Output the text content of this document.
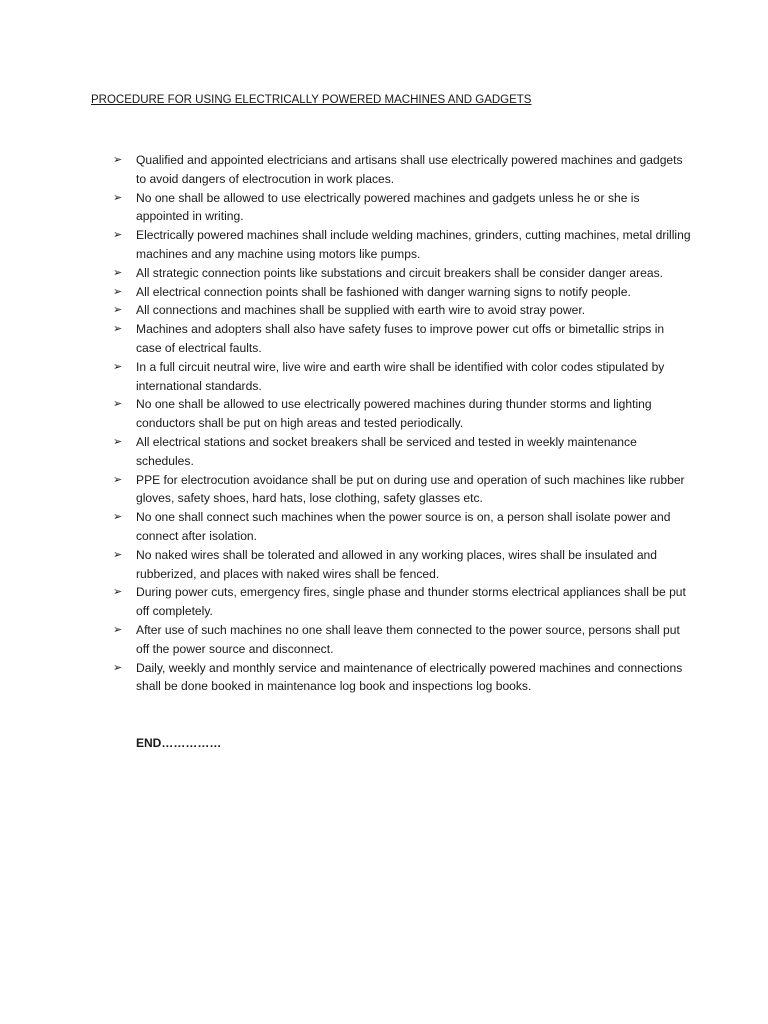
PROCEDURE FOR USING ELECTRICALLY POWERED MACHINES AND GADGETS
➢ Qualified and appointed electricians and artisans shall use electrically powered machines and gadgets to avoid dangers of electrocution in work places.
➢ No one shall be allowed to use electrically powered machines and gadgets unless he or she is appointed in writing.
➢ Electrically powered machines shall include welding machines, grinders, cutting machines, metal drilling machines and any machine using motors like pumps.
➢ All strategic connection points like substations and circuit breakers shall be consider danger areas.
➢ All electrical connection points shall be fashioned with danger warning signs to notify people.
➢ All connections and machines shall be supplied with earth wire to avoid stray power.
➢ Machines and adopters shall also have safety fuses to improve power cut offs or bimetallic strips in case of electrical faults.
➢ In a full circuit neutral wire, live wire and earth wire shall be identified with color codes stipulated by international standards.
➢ No one shall be allowed to use electrically powered machines during thunder storms and lighting conductors shall be put on high areas and tested periodically.
➢ All electrical stations and socket breakers shall be serviced and tested in weekly maintenance schedules.
➢ PPE for electrocution avoidance shall be put on during use and operation of such machines like rubber gloves, safety shoes, hard hats, lose clothing, safety glasses etc.
➢ No one shall connect such machines when the power source is on, a person shall isolate power and connect after isolation.
➢ No naked wires shall be tolerated and allowed in any working places, wires shall be insulated and rubberized, and places with naked wires shall be fenced.
➢ During power cuts, emergency fires, single phase and thunder storms electrical appliances shall be put off completely.
➢ After use of such machines no one shall leave them connected to the power source, persons shall put off the power source and disconnect.
➢ Daily, weekly and monthly service and maintenance of electrically powered machines and connections shall be done booked in maintenance log book and inspections log books.

END……………
